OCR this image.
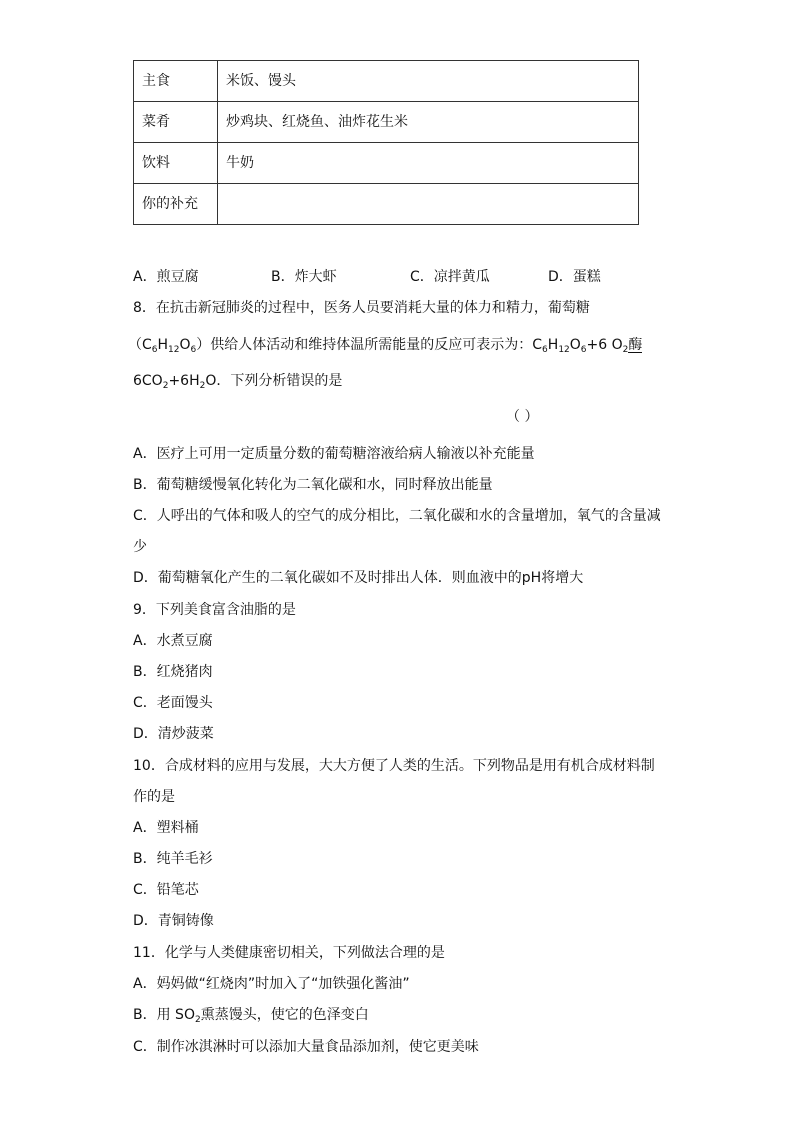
主食	米饭、馒头
菜肴	炒鸡块、红烧鱼、油炸花生米
饮料	牛奶
你的补充	
A．煎豆腐	B．炸大虾	C．凉拌黄瓜	D．蛋糕
8．在抗击新冠肺炎的过程中，医务人员要消耗大量的体力和精力，葡萄糖
$(C_6H_{12}O_6)$供给人体活动和维持体温所需能量的反应可表示为：$C_6H_{12}O_6+6$ $O_2$酶
$6CO_2+6H_2O$．下列分析错误的是
（ ）
A．医疗上可用一定质量分数的葡萄糖溶液给病人输液以补充能量
B．葡萄糖缓慢氧化转化为二氧化碳和水，同时释放出能量
C．人呼出的气体和吸人的空气的成分相比，二氧化碳和水的含量增加，氧气的含量减
少
D．葡萄糖氧化产生的二氧化碳如不及时排出人体．则血液中的pH将增大
9．下列美食富含油脂的是
A．水煮豆腐
B．红烧猪肉
C．老面馒头
D．清炒菠菜
10．合成材料的应用与发展，大大方便了人类的生活。下列物品是用有机合成材料制
作的是
A．塑料桶
B．纯羊毛衫
C．铅笔芯
D．青铜铸像
11．化学与人类健康密切相关，下列做法合理的是
A．妈妈做“红烧肉”时加入了“加铁强化酱油”
B．用 $SO_2$熏蒸馒头，使它的色泽变白
C．制作冰淇淋时可以添加大量食品添加剂，使它更美味
